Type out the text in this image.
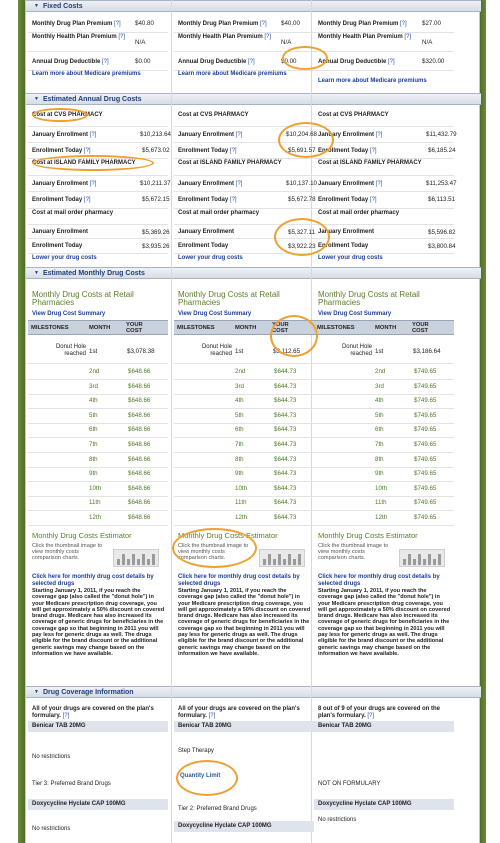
▼ Fixed Costs
▼ Estimated Annual Drug Costs
▼ Estimated Monthly Drug Costs
▼ Drug Coverage Information
Monthly Drug Plan Premium [?] $40.80	Monthly Drug Plan Premium [?] $40.00	Monthly Drug Plan Premium [?] $27.00
Monthly Health Plan Premium [?]
N/A
Monthly Health Plan Premium [?]
N/A
Monthly Health Plan Premium [?]
N/A
Annual Drug Deductible [?]	$0.00	Annual Drug Deductible [?]	$0.00	Annual Drug Deductible [?]	$320.00
Learn more about Medicare premiums	Learn more about Medicare premiums
Learn more about Medicare premiums
Cost at CVS PHARMACY
January Enrollment [?]	$10,213.64
Enrollment Today [?]	$5,673.02
Cost at ISLAND FAMILY PHARMACY
January Enrollment [?]	$10,211.37
Enrollment Today [?]	$5,672.15
Cost at mail order pharmacy
January Enrollment	$5,369.26
Enrollment Today	$3,935.26
Lower your drug costs
Cost at CVS PHARMACY
January Enrollment [?]	$10,204.68
Enrollment Today [?]	$5,691.57
Cost at ISLAND FAMILY PHARMACY
January Enrollment [?]	$10,137.10
Enrollment Today [?]	$5,672.78
Cost at mail order pharmacy
January Enrollment	$5,327.11
Enrollment Today	$3,922.23
Lower your drug costs
Cost at CVS PHARMACY
January Enrollment [?]	$11,432.79
Enrollment Today [?]	$6,185.24
Cost at ISLAND FAMILY PHARMACY
January Enrollment [?]	$11,253.47
Enrollment Today [?]	$6,113.51
Cost at mail order pharmacy
January Enrollment	$5,596.82
Enrollment Today	$3,800.84
Lower your drug costs
Monthly Drug Costs at Retail Pharmacies
View Drug Cost Summary
MILESTONES	MONTH	YOUR COST
Donut Hole reached 1st	$3,078.38
2nd	$648.66
3rd	$648.66
4th	$648.66
5th	$648.66
6th	$648.66
7th	$648.66
8th	$648.66
9th	$648.66
10th	$648.66
11th	$648.66
12th	$648.66
Monthly Drug Costs at Retail Pharmacies
View Drug Cost Summary
MILESTONES	MONTH	YOUR COST
Donut Hole reached 1st	$3,112.65
2nd	$644.73
3rd	$644.73
4th	$644.73
5th	$644.73
6th	$644.73
7th	$644.73
8th	$644.73
9th	$644.73
10th	$644.73
11th	$644.73
12th	$644.73
Monthly Drug Costs at Retail Pharmacies
View Drug Cost Summary
MILESTONES	MONTH	YOUR COST
Donut Hole reached 1st	$3,186.64
2nd	$749.65
3rd	$749.65
4th	$749.65
5th	$749.65
6th	$749.65
7th	$749.65
8th	$749.65
9th	$749.65
10th	$749.65
11th	$749.65
12th	$749.65
Monthly Drug Costs Estimator
Click the thumbnail image to view monthly costs comparison charts.
Click here for monthly drug cost details by selected drugs
Starting January 1, 2011, if you reach the coverage gap (also called the "donut hole") in your Medicare prescription drug coverage, you will get approximately a 50% discount on covered brand drugs. Medicare has also increased its coverage of generic drugs for beneficiaries in the coverage gap so that beginning in 2011 you will pay less for generic drugs as well. The drugs eligible for the brand discount or the additional generic savings may change based on the information we have available.
Monthly Drug Costs Estimator
Click the thumbnail image to view monthly costs comparison charts.
Click here for monthly drug cost details by selected drugs
Starting January 1, 2011, if you reach the coverage gap (also called the "donut hole") in your Medicare prescription drug coverage, you will get approximately a 50% discount on covered brand drugs. Medicare has also increased its coverage of generic drugs for beneficiaries in the coverage gap so that beginning in 2011 you will pay less for generic drugs as well. The drugs eligible for the brand discount or the additional generic savings may change based on the information we have available.
Monthly Drug Costs Estimator
Click the thumbnail image to view monthly costs comparison charts.
Click here for monthly drug cost details by selected drugs
Starting January 1, 2011, if you reach the coverage gap (also called the "donut hole") in your Medicare prescription drug coverage, you will get approximately a 50% discount on covered brand drugs. Medicare has also increased its coverage of generic drugs for beneficiaries in the coverage gap so that beginning in 2011 you will pay less for generic drugs as well. The drugs eligible for the brand discount or the additional generic savings may change based on the information we have available.
All of your drugs are covered on the plan's formulary. [?]
Benicar TAB 20MG
No restrictions
Tier 3: Preferred Brand Drugs
Doxycycline Hyclate CAP 100MG
No restrictions
All of your drugs are covered on the plan's formulary. [?]
Benicar TAB 20MG
Step Therapy
Quantity Limit
Tier 2: Preferred Brand Drugs
Doxycycline Hyclate CAP 100MG
8 out of 9 of your drugs are covered on the plan's formulary. [?]
Benicar TAB 20MG
NOT ON FORMULARY
Doxycycline Hyclate CAP 100MG
No restrictions
